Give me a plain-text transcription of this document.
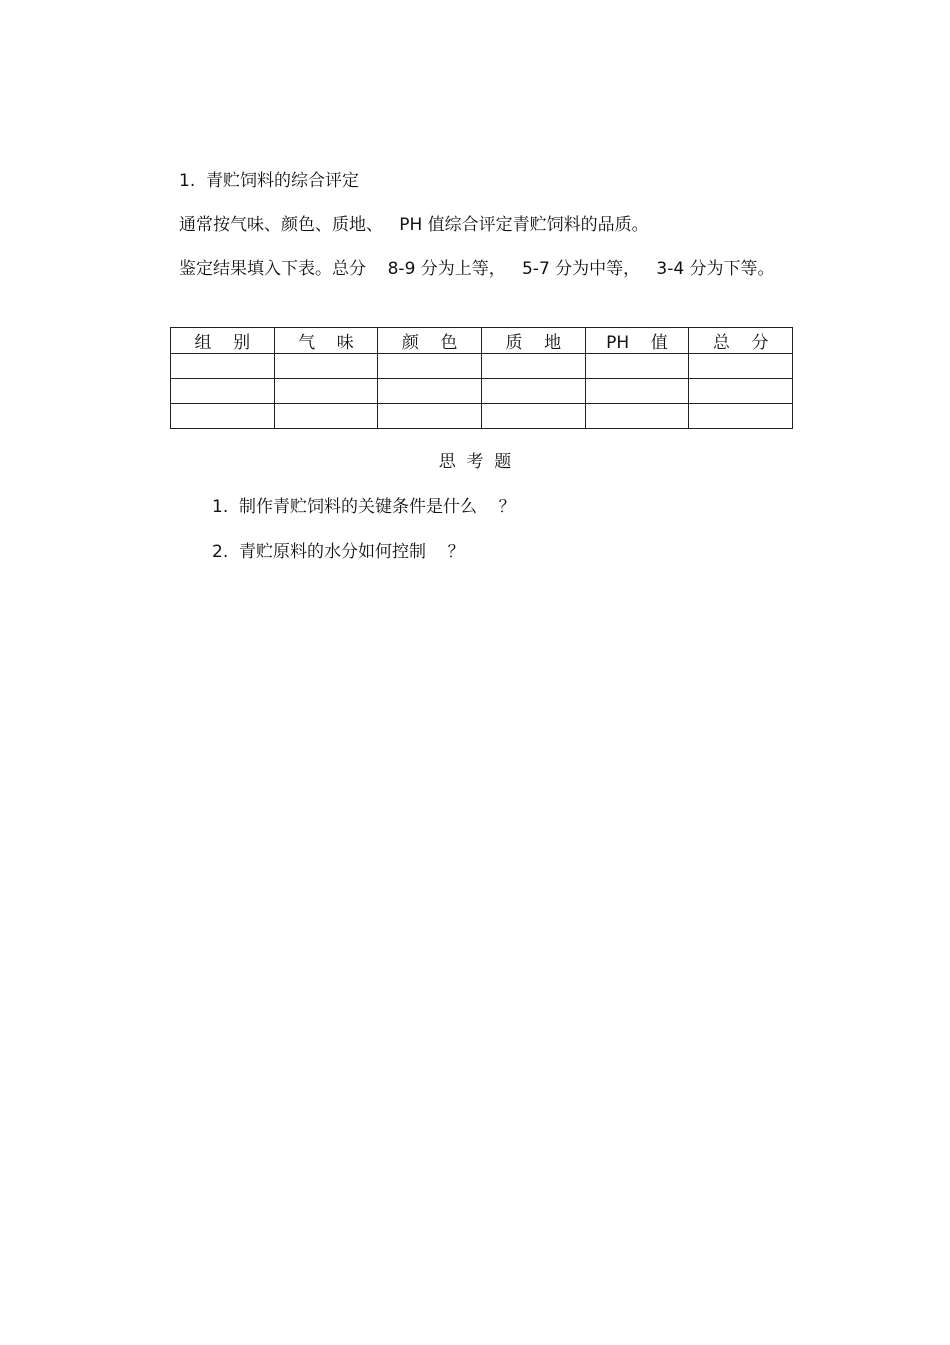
1.  青贮饲料的综合评定
通常按气味、颜色、质地、   PH 值综合评定青贮饲料的品质。
鉴定结果填入下表。总分    8-9 分为上等，   5-7 分为中等，   3-4 分为下等。
组    别	气    味	颜    色	质    地	PH    值	总    分

思  考  题
1.  制作青贮饲料的关键条件是什么    ？
2.  青贮原料的水分如何控制    ？
